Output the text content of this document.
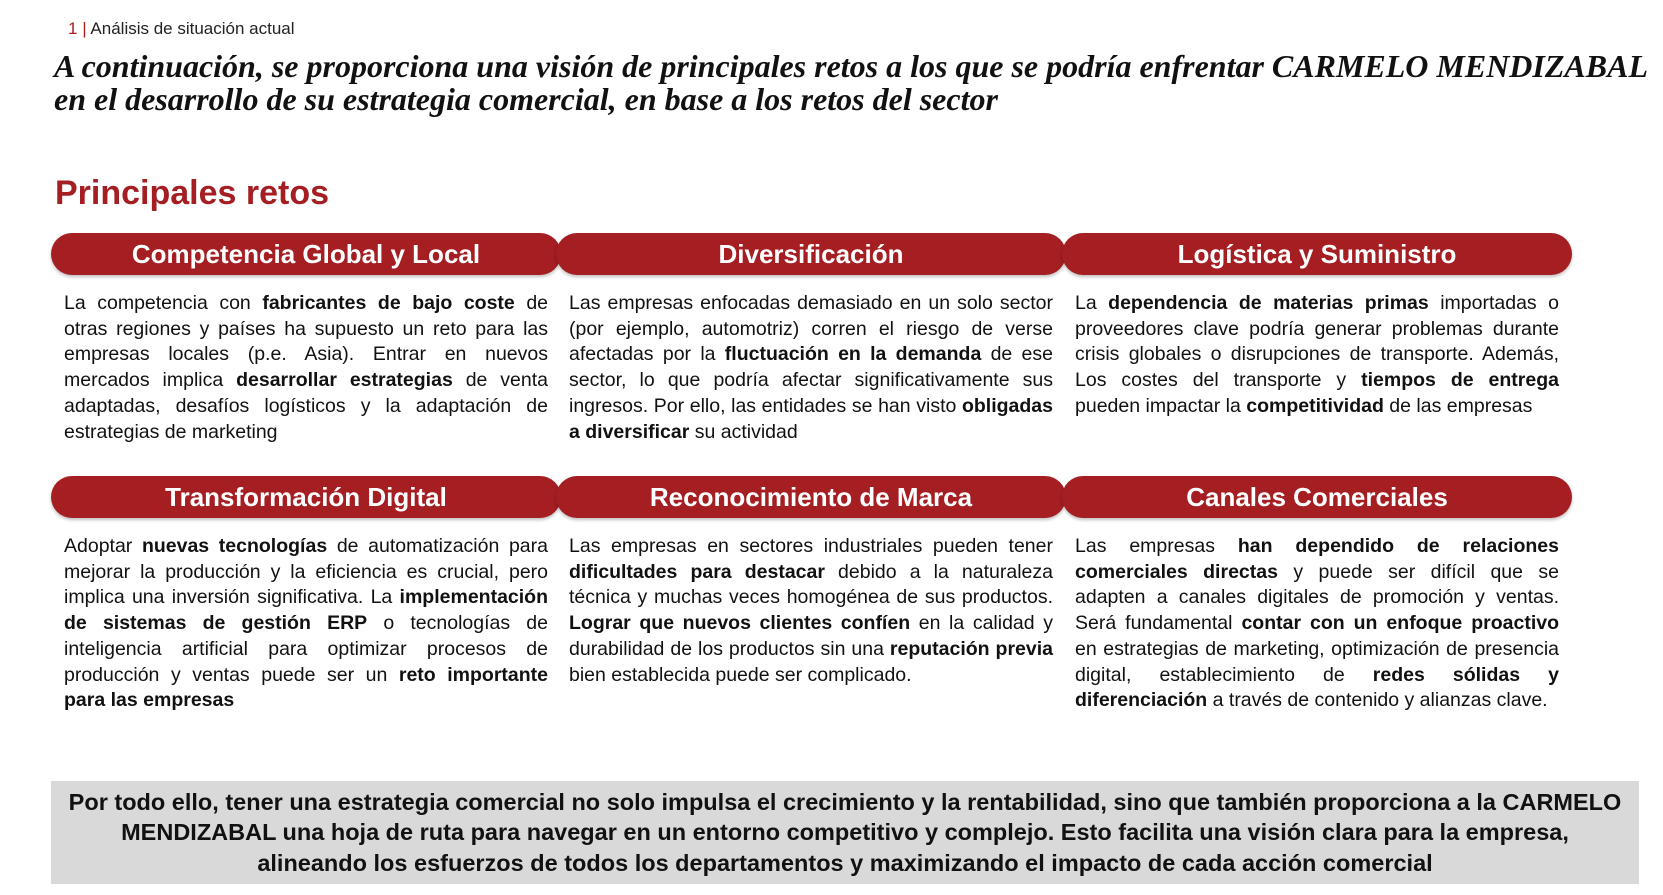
1 | Análisis de situación actual
A continuación, se proporciona una visión de principales retos a los que se podría enfrentar CARMELO MENDIZABAL en el desarrollo de su estrategia comercial, en base a los retos del sector
Principales retos
Competencia Global y Local
La competencia con fabricantes de bajo coste de otras regiones y países ha supuesto un reto para las empresas locales (p.e. Asia). Entrar en nuevos mercados implica desarrollar estrategias de venta adaptadas, desafíos logísticos y la adaptación de estrategias de marketing
Diversificación
Las empresas enfocadas demasiado en un solo sector (por ejemplo, automotriz) corren el riesgo de verse afectadas por la fluctuación en la demanda de ese sector, lo que podría afectar significativamente sus ingresos. Por ello, las entidades se han visto obligadas a diversificar su actividad
Logística y Suministro
La dependencia de materias primas importadas o proveedores clave podría generar problemas durante crisis globales o disrupciones de transporte. Además, Los costes del transporte y tiempos de entrega pueden impactar la competitividad de las empresas
Transformación Digital
Adoptar nuevas tecnologías de automatización para mejorar la producción y la eficiencia es crucial, pero implica una inversión significativa. La implementación de sistemas de gestión ERP o tecnologías de inteligencia artificial para optimizar procesos de producción y ventas puede ser un reto importante para las empresas
Reconocimiento de Marca
Las empresas en sectores industriales pueden tener dificultades para destacar debido a la naturaleza técnica y muchas veces homogénea de sus productos. Lograr que nuevos clientes confíen en la calidad y durabilidad de los productos sin una reputación previa bien establecida puede ser complicado.
Canales Comerciales
Las empresas han dependido de relaciones comerciales directas y puede ser difícil que se adapten a canales digitales de promoción y ventas. Será fundamental contar con un enfoque proactivo en estrategias de marketing, optimización de presencia digital, establecimiento de redes sólidas y diferenciación a través de contenido y alianzas clave.
Por todo ello, tener una estrategia comercial no solo impulsa el crecimiento y la rentabilidad, sino que también proporciona a la CARMELO MENDIZABAL una hoja de ruta para navegar en un entorno competitivo y complejo. Esto facilita una visión clara para la empresa, alineando los esfuerzos de todos los departamentos y maximizando el impacto de cada acción comercial
